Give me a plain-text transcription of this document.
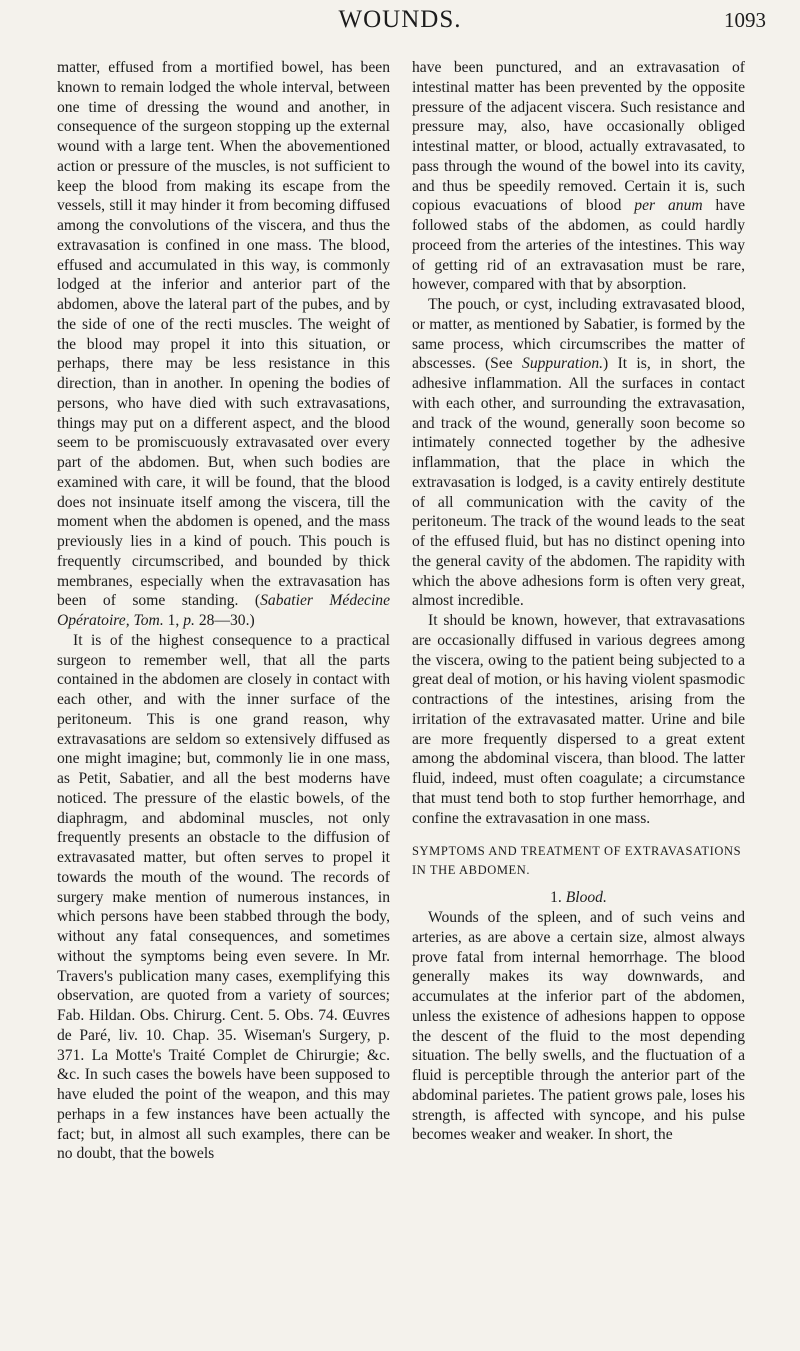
WOUNDS.	1093

matter, effused from a mortified bowel, has been known to remain lodged the whole interval, between one time of dressing the wound and another, in consequence of the surgeon stopping up the external wound with a large tent. When the abovementioned action or pressure of the muscles, is not sufficient to keep the blood from making its escape from the vessels, still it may hinder it from becoming diffused among the convolutions of the viscera, and thus the extravasation is confined in one mass. The blood, effused and accumulated in this way, is commonly lodged at the inferior and anterior part of the abdomen, above the lateral part of the pubes, and by the side of one of the recti muscles. The weight of the blood may propel it into this situation, or perhaps, there may be less resistance in this direction, than in another. In opening the bodies of persons, who have died with such extravasations, things may put on a different aspect, and the blood seem to be promiscuously extravasated over every part of the abdomen. But, when such bodies are examined with care, it will be found, that the blood does not insinuate itself among the viscera, till the moment when the abdomen is opened, and the mass previously lies in a kind of pouch. This pouch is frequently circumscribed, and bounded by thick membranes, especially when the extravasation has been of some standing. (Sabatier Médecine Opératoire, Tom. 1, p. 28—30.)

It is of the highest consequence to a practical surgeon to remember well, that all the parts contained in the abdomen are closely in contact with each other, and with the inner surface of the peritoneum. This is one grand reason, why extravasations are seldom so extensively diffused as one might imagine; but, commonly lie in one mass, as Petit, Sabatier, and all the best moderns have noticed. The pressure of the elastic bowels, of the diaphragm, and abdominal muscles, not only frequently presents an obstacle to the diffusion of extravasated matter, but often serves to propel it towards the mouth of the wound. The records of surgery make mention of numerous instances, in which persons have been stabbed through the body, without any fatal consequences, and sometimes without the symptoms being even severe. In Mr. Travers's publication many cases, exemplifying this observation, are quoted from a variety of sources; Fab. Hildan. Obs. Chirurg. Cent. 5. Obs. 74. Œuvres de Paré, liv. 10. Chap. 35. Wiseman's Surgery, p. 371. La Motte's Traité Complet de Chirurgie; &c. &c. In such cases the bowels have been supposed to have eluded the point of the weapon, and this may perhaps in a few instances have been actually the fact; but, in almost all such examples, there can be no doubt, that the bowels

have been punctured, and an extravasation of intestinal matter has been prevented by the opposite pressure of the adjacent viscera. Such resistance and pressure may, also, have occasionally obliged intestinal matter, or blood, actually extravasated, to pass through the wound of the bowel into its cavity, and thus be speedily removed. Certain it is, such copious evacuations of blood per anum have followed stabs of the abdomen, as could hardly proceed from the arteries of the intestines. This way of getting rid of an extravasation must be rare, however, compared with that by absorption.

The pouch, or cyst, including extravasated blood, or matter, as mentioned by Sabatier, is formed by the same process, which circumscribes the matter of abscesses. (See Suppuration.) It is, in short, the adhesive inflammation. All the surfaces in contact with each other, and surrounding the extravasation, and track of the wound, generally soon become so intimately connected together by the adhesive inflammation, that the place in which the extravasation is lodged, is a cavity entirely destitute of all communication with the cavity of the peritoneum. The track of the wound leads to the seat of the effused fluid, but has no distinct opening into the general cavity of the abdomen. The rapidity with which the above adhesions form is often very great, almost incredible.

It should be known, however, that extravasations are occasionally diffused in various degrees among the viscera, owing to the patient being subjected to a great deal of motion, or his having violent spasmodic contractions of the intestines, arising from the irritation of the extravasated matter. Urine and bile are more frequently dispersed to a great extent among the abdominal viscera, than blood. The latter fluid, indeed, must often coagulate; a circumstance that must tend both to stop further hemorrhage, and confine the extravasation in one mass.

SYMPTOMS AND TREATMENT OF EXTRAVASATIONS IN THE ABDOMEN.

1. Blood.

Wounds of the spleen, and of such veins and arteries, as are above a certain size, almost always prove fatal from internal hemorrhage. The blood generally makes its way downwards, and accumulates at the inferior part of the abdomen, unless the existence of adhesions happen to oppose the descent of the fluid to the most depending situation. The belly swells, and the fluctuation of a fluid is perceptible through the anterior part of the abdominal parietes. The patient grows pale, loses his strength, is affected with syncope, and his pulse becomes weaker and weaker. In short, the
